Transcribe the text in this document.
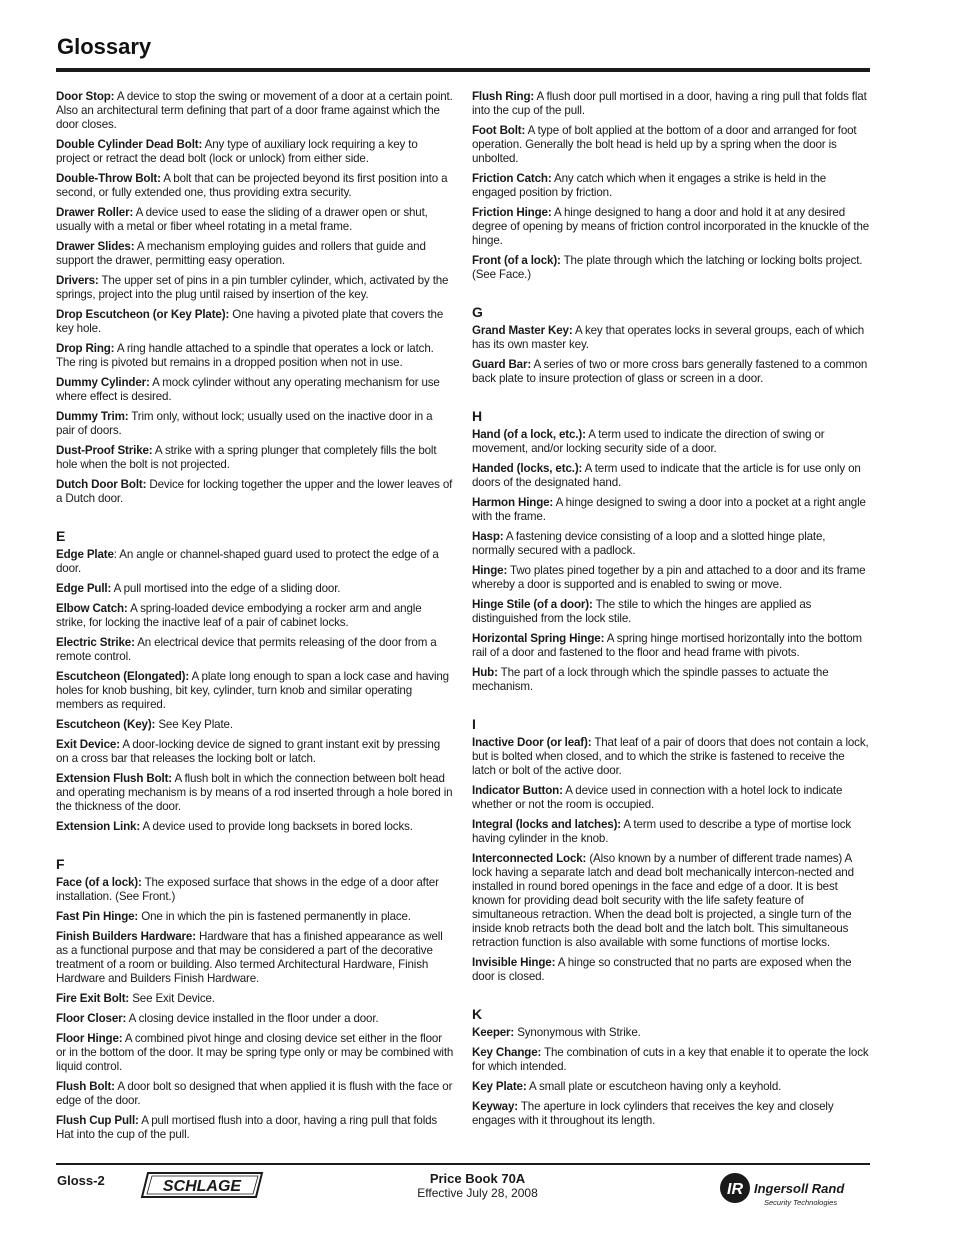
Glossary

Door Stop: A device to stop the swing or movement of a door at a certain point. Also an architectural term defining that part of a door frame against which the door closes.

Double Cylinder Dead Bolt: Any type of auxiliary lock requiring a key to project or retract the dead bolt (lock or unlock) from either side.

Double-Throw Bolt: A bolt that can be projected beyond its first position into a second, or fully extended one, thus providing extra security.

Drawer Roller: A device used to ease the sliding of a drawer open or shut, usually with a metal or fiber wheel rotating in a metal frame.

Drawer Slides: A mechanism employing guides and rollers that guide and support the drawer, permitting easy operation.

Drivers: The upper set of pins in a pin tumbler cylinder, which, activated by the springs, project into the plug until raised by insertion of the key.

Drop Escutcheon (or Key Plate): One having a pivoted plate that covers the key hole.

Drop Ring: A ring handle attached to a spindle that operates a lock or latch. The ring is pivoted but remains in a dropped position when not in use.

Dummy Cylinder: A mock cylinder without any operating mechanism for use where effect is desired.

Dummy Trim: Trim only, without lock; usually used on the inactive door in a pair of doors.

Dust-Proof Strike: A strike with a spring plunger that completely fills the bolt hole when the bolt is not projected.

Dutch Door Bolt: Device for locking together the upper and the lower leaves of a Dutch door.

E

Edge Plate: An angle or channel-shaped guard used to protect the edge of a door.

Edge Pull: A pull mortised into the edge of a sliding door.

Elbow Catch: A spring-loaded device embodying a rocker arm and angle strike, for locking the inactive leaf of a pair of cabinet locks.

Electric Strike: An electrical device that permits releasing of the door from a remote control.

Escutcheon (Elongated): A plate long enough to span a lock case and having holes for knob bushing, bit key, cylinder, turn knob and similar operating members as required.

Escutcheon (Key): See Key Plate.

Exit Device: A door-locking device de signed to grant instant exit by pressing on a cross bar that releases the locking bolt or latch.

Extension Flush Bolt: A flush bolt in which the connection between bolt head and operating mechanism is by means of a rod inserted through a hole bored in the thickness of the door.

Extension Link: A device used to provide long backsets in bored locks.

F

Face (of a lock): The exposed surface that shows in the edge of a door after installation. (See Front.)

Fast Pin Hinge: One in which the pin is fastened permanently in place.

Finish Builders Hardware: Hardware that has a finished appearance as well as a functional purpose and that may be considered a part of the decorative treatment of a room or building. Also termed Architectural Hardware, Finish Hardware and Builders Finish Hardware.

Fire Exit Bolt: See Exit Device.

Floor Closer: A closing device installed in the floor under a door.

Floor Hinge: A combined pivot hinge and closing device set either in the floor or in the bottom of the door. It may be spring type only or may be combined with liquid control.

Flush Bolt: A door bolt so designed that when applied it is flush with the face or edge of the door.

Flush Cup Pull: A pull mortised flush into a door, having a ring pull that folds Hat into the cup of the pull.

Flush Ring: A flush door pull mortised in a door, having a ring pull that folds flat into the cup of the pull.

Foot Bolt: A type of bolt applied at the bottom of a door and arranged for foot operation. Generally the bolt head is held up by a spring when the door is unbolted.

Friction Catch: Any catch which when it engages a strike is held in the engaged position by friction.

Friction Hinge: A hinge designed to hang a door and hold it at any desired degree of opening by means of friction control incorporated in the knuckle of the hinge.

Front (of a lock): The plate through which the latching or locking bolts project. (See Face.)

G

Grand Master Key: A key that operates locks in several groups, each of which has its own master key.

Guard Bar: A series of two or more cross bars generally fastened to a common back plate to insure protection of glass or screen in a door.

H

Hand (of a lock, etc.): A term used to indicate the direction of swing or movement, and/or locking security side of a door.

Handed (locks, etc.): A term used to indicate that the article is for use only on doors of the designated hand.

Harmon Hinge: A hinge designed to swing a door into a pocket at a right angle with the frame.

Hasp: A fastening device consisting of a loop and a slotted hinge plate, normally secured with a padlock.

Hinge: Two plates pined together by a pin and attached to a door and its frame whereby a door is supported and is enabled to swing or move.

Hinge Stile (of a door): The stile to which the hinges are applied as distinguished from the lock stile.

Horizontal Spring Hinge: A spring hinge mortised horizontally into the bottom rail of a door and fastened to the floor and head frame with pivots.

Hub: The part of a lock through which the spindle passes to actuate the mechanism.

I

Inactive Door (or leaf): That leaf of a pair of doors that does not contain a lock, but is bolted when closed, and to which the strike is fastened to receive the latch or bolt of the active door.

Indicator Button: A device used in connection with a hotel lock to indicate whether or not the room is occupied.

Integral (locks and latches): A term used to describe a type of mortise lock having cylinder in the knob.

Interconnected Lock: (Also known by a number of different trade names) A lock having a separate latch and dead bolt mechanically intercon-nected and installed in round bored openings in the face and edge of a door. It is best known for providing dead bolt security with the life safety feature of simultaneous retraction. When the dead bolt is projected, a single turn of the inside knob retracts both the dead bolt and the latch bolt. This simultaneous retraction function is also available with some functions of mortise locks.

Invisible Hinge: A hinge so constructed that no parts are exposed when the door is closed.

K

Keeper: Synonymous with Strike.

Key Change: The combination of cuts in a key that enable it to operate the lock for which intended.

Key Plate: A small plate or escutcheon having only a keyhold.

Keyway: The aperture in lock cylinders that receives the key and closely engages with it throughout its length.

Gloss-2	SCHLAGE	Price Book 70A
Effective July 28, 2008	IR Ingersoll Rand
Security Technologies
